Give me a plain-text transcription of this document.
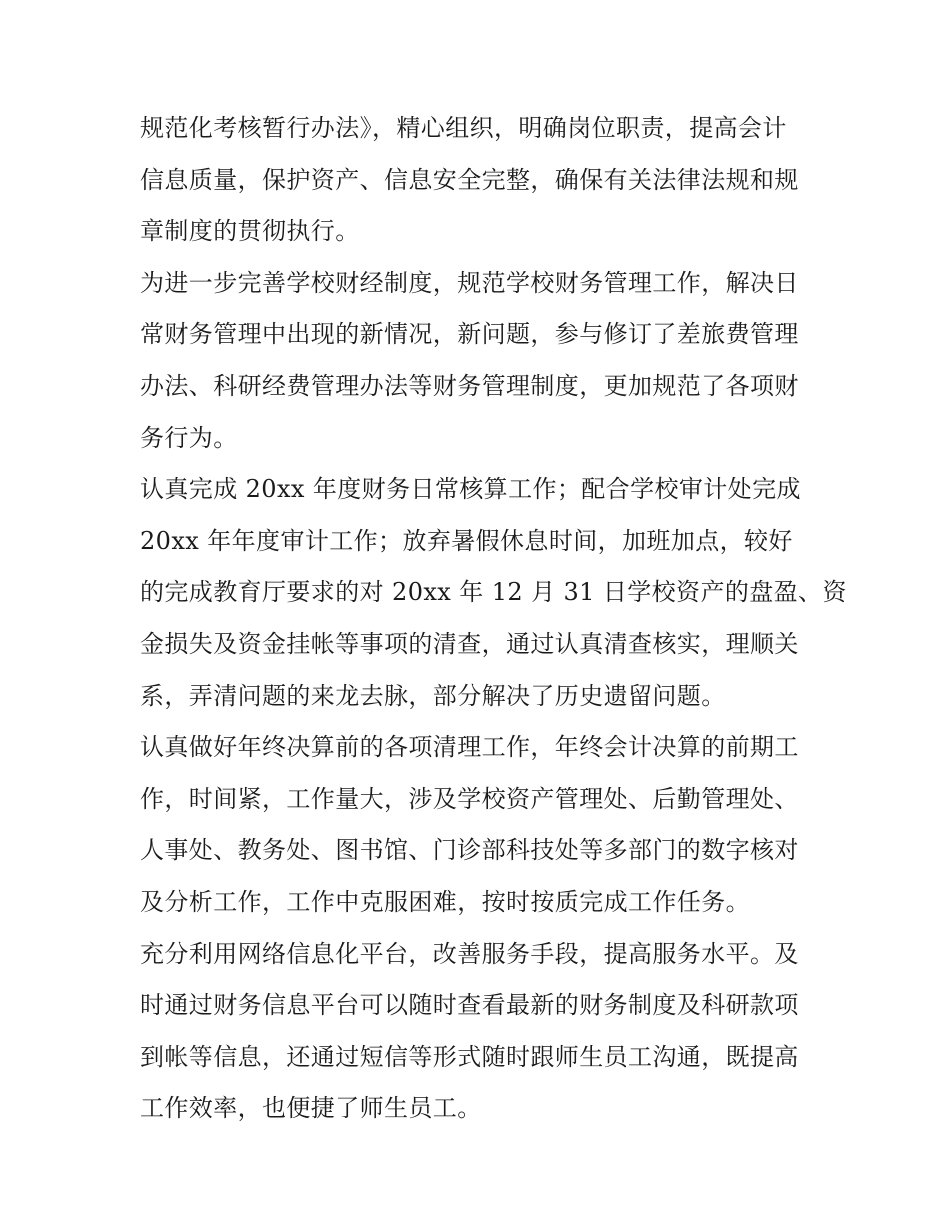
规范化考核暂行办法》，精心组织，明确岗位职责，提高会计
信息质量，保护资产、信息安全完整，确保有关法律法规和规
章制度的贯彻执行。

为进一步完善学校财经制度，规范学校财务管理工作，解决日
常财务管理中出现的新情况，新问题，参与修订了差旅费管理
办法、科研经费管理办法等财务管理制度，更加规范了各项财
务行为。

认真完成 20xx 年度财务日常核算工作；配合学校审计处完成
20xx 年年度审计工作；放弃暑假休息时间，加班加点，较好
的完成教育厅要求的对 20xx 年 12 月 31 日学校资产的盘盈、资
金损失及资金挂帐等事项的清查，通过认真清查核实，理顺关
系，弄清问题的来龙去脉，部分解决了历史遗留问题。

认真做好年终决算前的各项清理工作，年终会计决算的前期工
作，时间紧，工作量大，涉及学校资产管理处、后勤管理处、
人事处、教务处、图书馆、门诊部科技处等多部门的数字核对
及分析工作，工作中克服困难，按时按质完成工作任务。

充分利用网络信息化平台，改善服务手段，提高服务水平。及
时通过财务信息平台可以随时查看最新的财务制度及科研款项
到帐等信息，还通过短信等形式随时跟师生员工沟通，既提高
工作效率，也便捷了师生员工。
